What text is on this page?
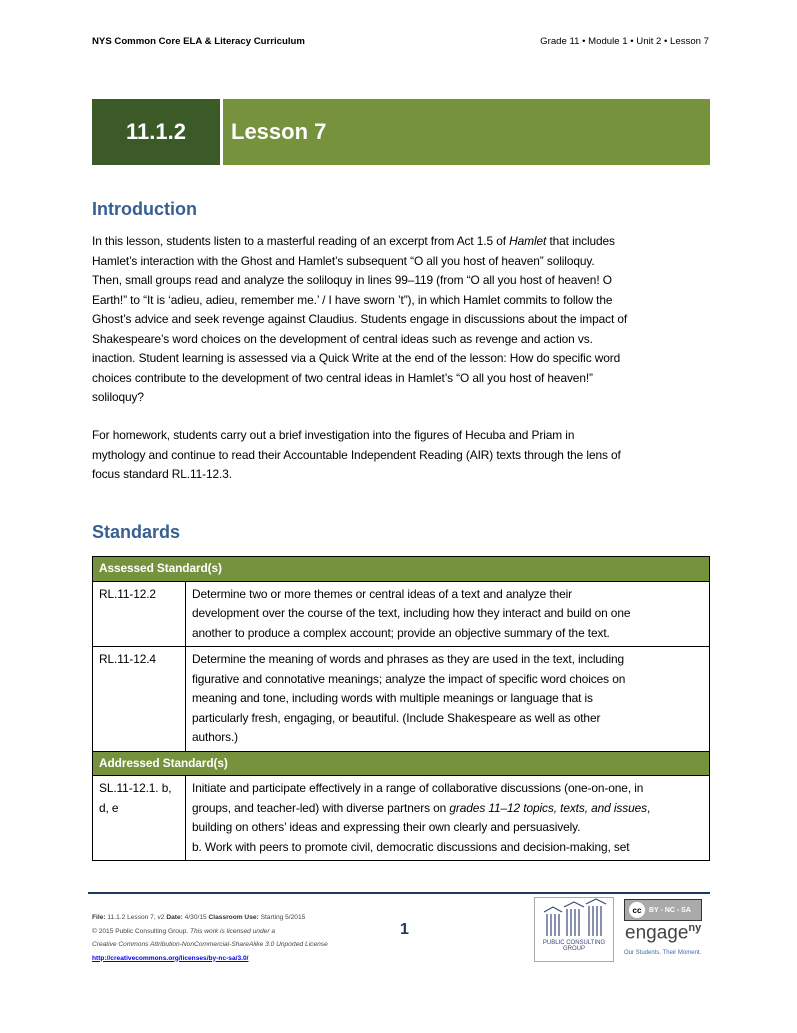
NYS Common Core ELA & Literacy Curriculum	Grade 11 • Module 1 • Unit 2 • Lesson 7
11.1.2	Lesson 7
Introduction
In this lesson, students listen to a masterful reading of an excerpt from Act 1.5 of Hamlet that includes
Hamlet’s interaction with the Ghost and Hamlet’s subsequent “O all you host of heaven” soliloquy.
Then, small groups read and analyze the soliloquy in lines 99–119 (from “O all you host of heaven! O
Earth!” to “It is ‘adieu, adieu, remember me.’ / I have sworn ’t”), in which Hamlet commits to follow the
Ghost’s advice and seek revenge against Claudius. Students engage in discussions about the impact of
Shakespeare’s word choices on the development of central ideas such as revenge and action vs.
inaction. Student learning is assessed via a Quick Write at the end of the lesson: How do specific word
choices contribute to the development of two central ideas in Hamlet’s “O all you host of heaven!”
soliloquy?
For homework, students carry out a brief investigation into the figures of Hecuba and Priam in
mythology and continue to read their Accountable Independent Reading (AIR) texts through the lens of
focus standard RL.11-12.3.
Standards
Assessed Standard(s)	
RL.11-12.2	Determine two or more themes or central ideas of a text and analyze their
development over the course of the text, including how they interact and build on one
another to produce a complex account; provide an objective summary of the text.

RL.11-12.4	Determine the meaning of words and phrases as they are used in the text, including
figurative and connotative meanings; analyze the impact of specific word choices on
meaning and tone, including words with multiple meanings or language that is
particularly fresh, engaging, or beautiful. (Include Shakespeare as well as other
authors.)

Addressed Standard(s)	
SL.11-12.1. b, d, e	Initiate and participate effectively in a range of collaborative discussions (one-on-one, in
groups, and teacher-led) with diverse partners on grades 11–12 topics, texts, and issues,
building on others’ ideas and expressing their own clearly and persuasively.
b. Work with peers to promote civil, democratic discussions and decision-making, set
File: 11.1.2 Lesson 7, v2 Date: 4/30/15 Classroom Use: Starting 5/2015
© 2015 Public Consulting Group. This work is licensed under a
Creative Commons Attribution-NonCommercial-ShareAlike 3.0 Unported License
http://creativecommons.org/licenses/by-nc-sa/3.0/
1
PUBLIC CONSULTING
GROUP
cc	BY - NC - SA
engage$^{ny}$
Our Students. Their Moment.
